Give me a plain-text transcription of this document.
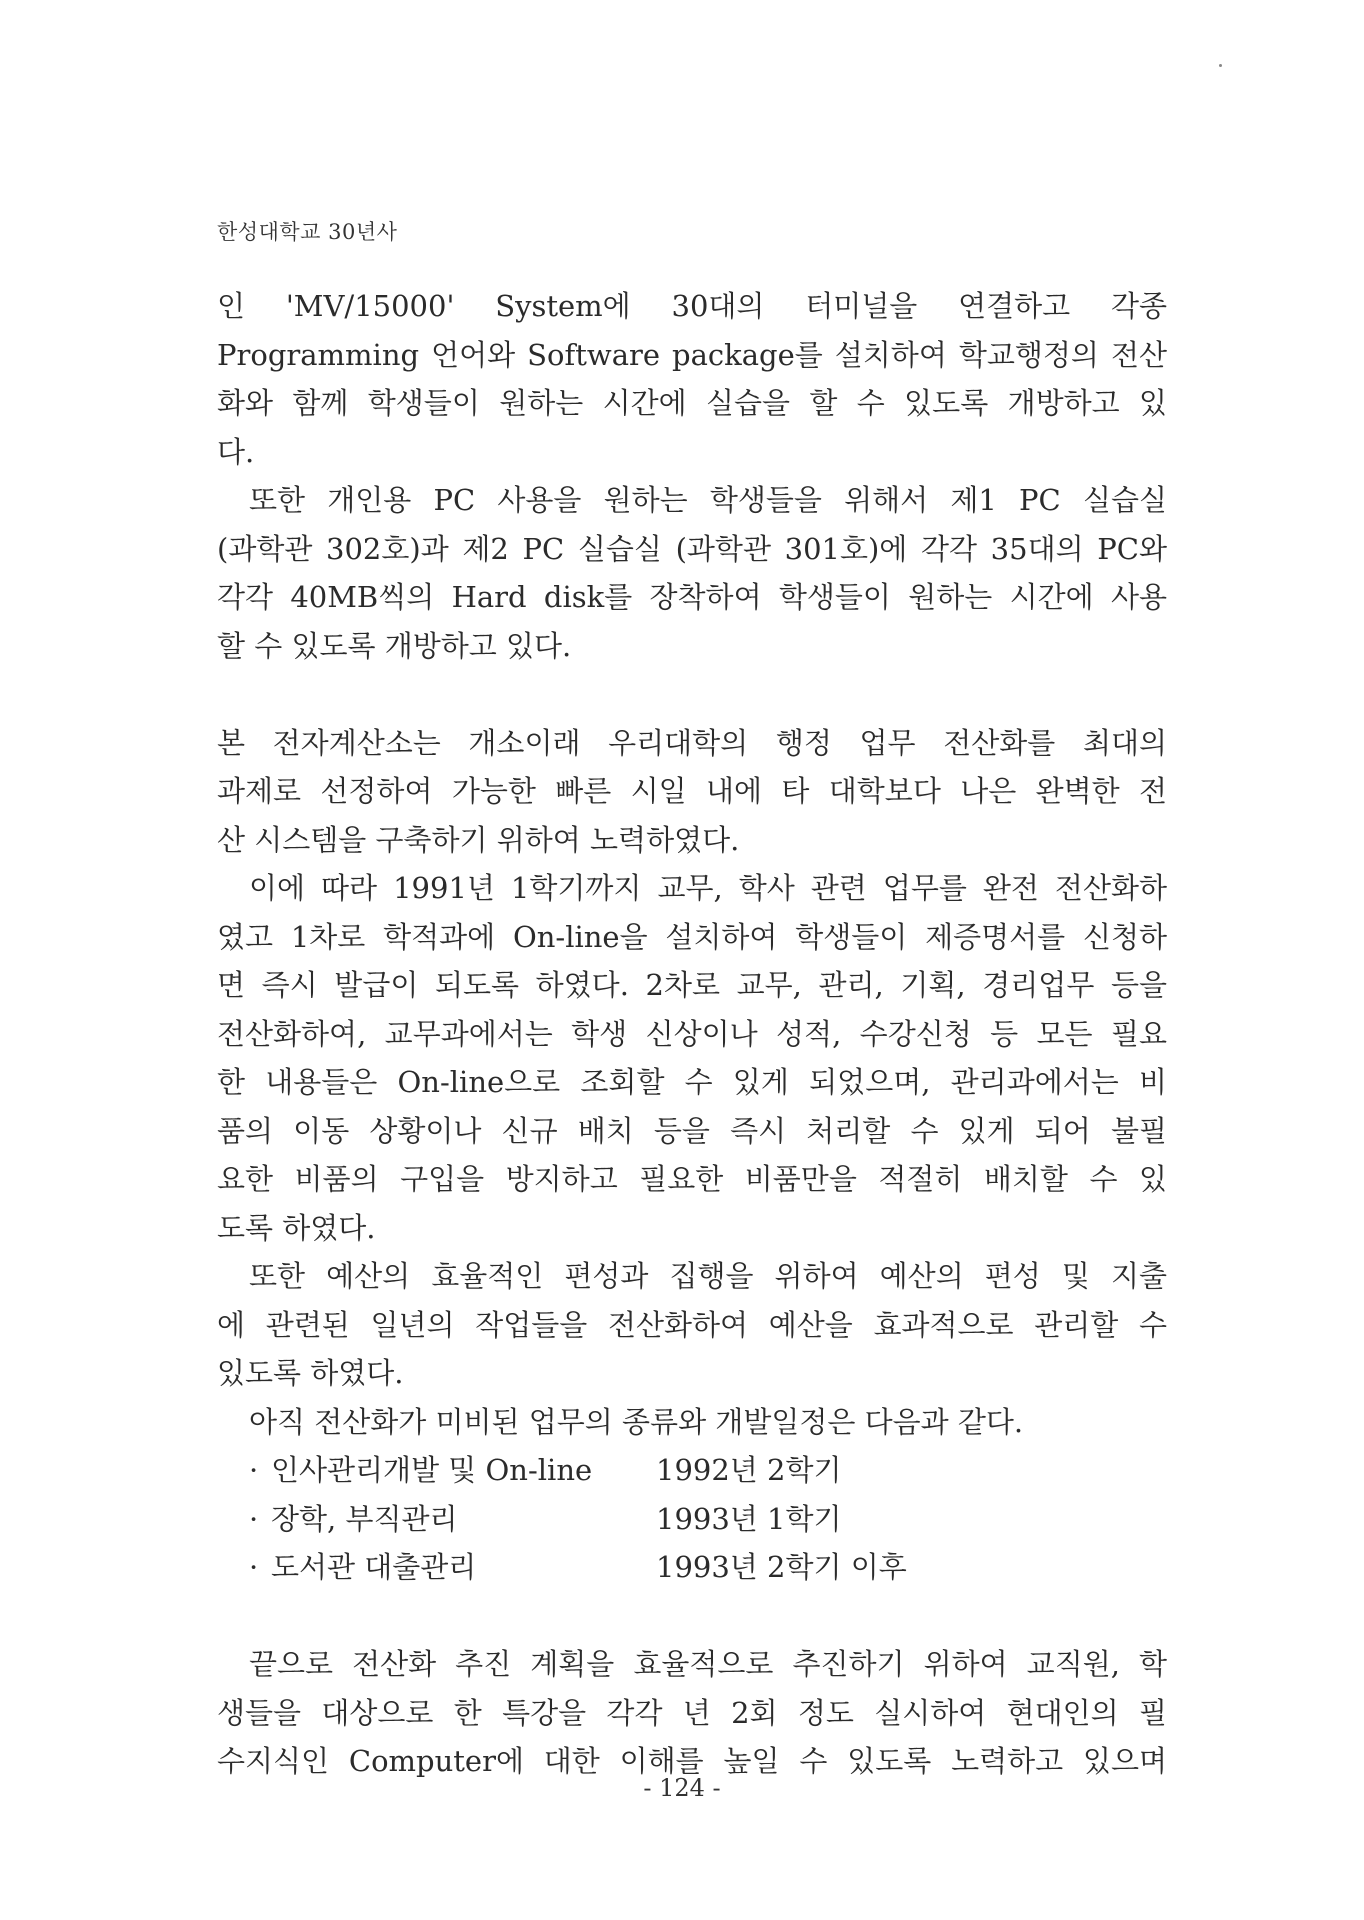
한성대학교 30년사
인 'MV/15000' System에 30대의 터미널을 연결하고 각종
Programming 언어와 Software package를 설치하여 학교행정의 전산
화와 함께 학생들이 원하는 시간에 실습을 할 수 있도록 개방하고 있
다.
또한 개인용 PC 사용을 원하는 학생들을 위해서 제1 PC 실습실
(과학관 302호)과 제2 PC 실습실 (과학관 301호)에 각각 35대의 PC와
각각 40MB씩의 Hard disk를 장착하여 학생들이 원하는 시간에 사용
할 수 있도록 개방하고 있다.
본 전자계산소는 개소이래 우리대학의 행정 업무 전산화를 최대의
과제로 선정하여 가능한 빠른 시일 내에 타 대학보다 나은 완벽한 전
산 시스템을 구축하기 위하여 노력하였다.
이에 따라 1991년 1학기까지 교무, 학사 관련 업무를 완전 전산화하
였고 1차로 학적과에 On-line을 설치하여 학생들이 제증명서를 신청하
면 즉시 발급이 되도록 하였다. 2차로 교무, 관리, 기획, 경리업무 등을
전산화하여, 교무과에서는 학생 신상이나 성적, 수강신청 등 모든 필요
한 내용들은 On-line으로 조회할 수 있게 되었으며, 관리과에서는 비
품의 이동 상황이나 신규 배치 등을 즉시 처리할 수 있게 되어 불필
요한 비품의 구입을 방지하고 필요한 비품만을 적절히 배치할 수 있
도록 하였다.
또한 예산의 효율적인 편성과 집행을 위하여 예산의 편성 및 지출
에 관련된 일년의 작업들을 전산화하여 예산을 효과적으로 관리할 수
있도록 하였다.
아직 전산화가 미비된 업무의 종류와 개발일정은 다음과 같다.
· 인사관리개발 및 On-line	1992년 2학기
· 장학, 부직관리	1993년 1학기
· 도서관 대출관리	1993년 2학기 이후
끝으로 전산화 추진 계획을 효율적으로 추진하기 위하여 교직원, 학
생들을 대상으로 한 특강을 각각 년 2회 정도 실시하여 현대인의 필
수지식인 Computer에 대한 이해를 높일 수 있도록 노력하고 있으며
- 124 -
